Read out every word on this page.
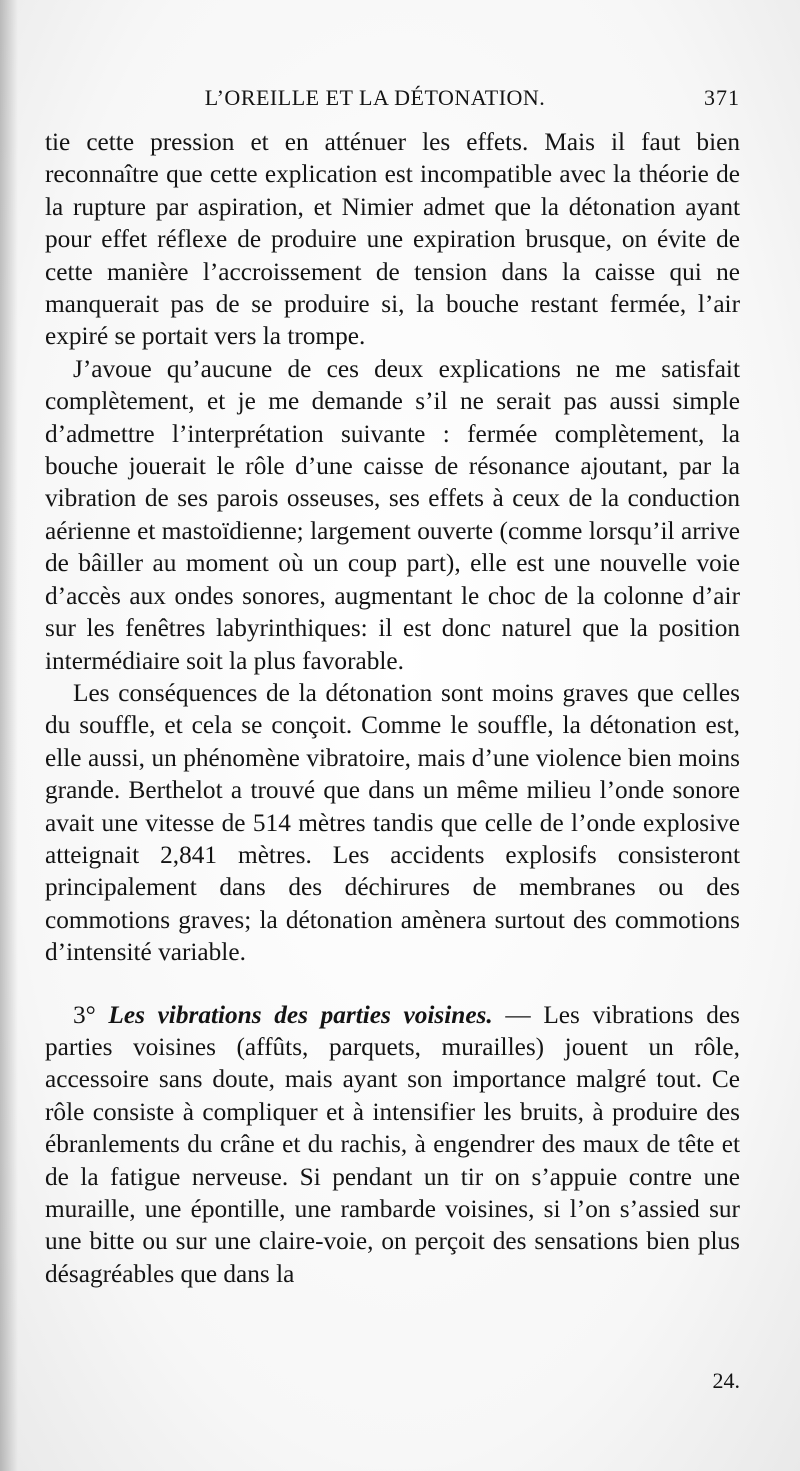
L’OREILLE ET LA DÉTONATION.	371

tie cette pression et en atténuer les effets. Mais il faut bien reconnaître que cette explication est incompatible avec la théorie de la rupture par aspiration, et Nimier admet que la détonation ayant pour effet réflexe de produire une expiration brusque, on évite de cette manière l’accroissement de tension dans la caisse qui ne manquerait pas de se produire si, la bouche restant fermée, l’air expiré se portait vers la trompe.

J’avoue qu’aucune de ces deux explications ne me satisfait complètement, et je me demande s’il ne serait pas aussi simple d’admettre l’interprétation suivante : fermée complètement, la bouche jouerait le rôle d’une caisse de résonance ajoutant, par la vibration de ses parois osseuses, ses effets à ceux de la conduction aérienne et mastoïdienne; largement ouverte (comme lorsqu’il arrive de bâiller au moment où un coup part), elle est une nouvelle voie d’accès aux ondes sonores, augmentant le choc de la colonne d’air sur les fenêtres labyrinthiques: il est donc naturel que la position intermédiaire soit la plus favorable.

Les conséquences de la détonation sont moins graves que celles du souffle, et cela se conçoit. Comme le souffle, la détonation est, elle aussi, un phénomène vibratoire, mais d’une violence bien moins grande. Berthelot a trouvé que dans un même milieu l’onde sonore avait une vitesse de 514 mètres tandis que celle de l’onde explosive atteignait 2,841 mètres. Les accidents explosifs consisteront principalement dans des déchirures de membranes ou des commotions graves; la détonation amènera surtout des commotions d’intensité variable.

3° Les vibrations des parties voisines. — Les vibrations des parties voisines (affûts, parquets, murailles) jouent un rôle, accessoire sans doute, mais ayant son importance malgré tout. Ce rôle consiste à compliquer et à intensifier les bruits, à produire des ébranlements du crâne et du rachis, à engendrer des maux de tête et de la fatigue nerveuse. Si pendant un tir on s’appuie contre une muraille, une épontille, une rambarde voisines, si l’on s’assied sur une bitte ou sur une claire-voie, on perçoit des sensations bien plus désagréables que dans la

24.
